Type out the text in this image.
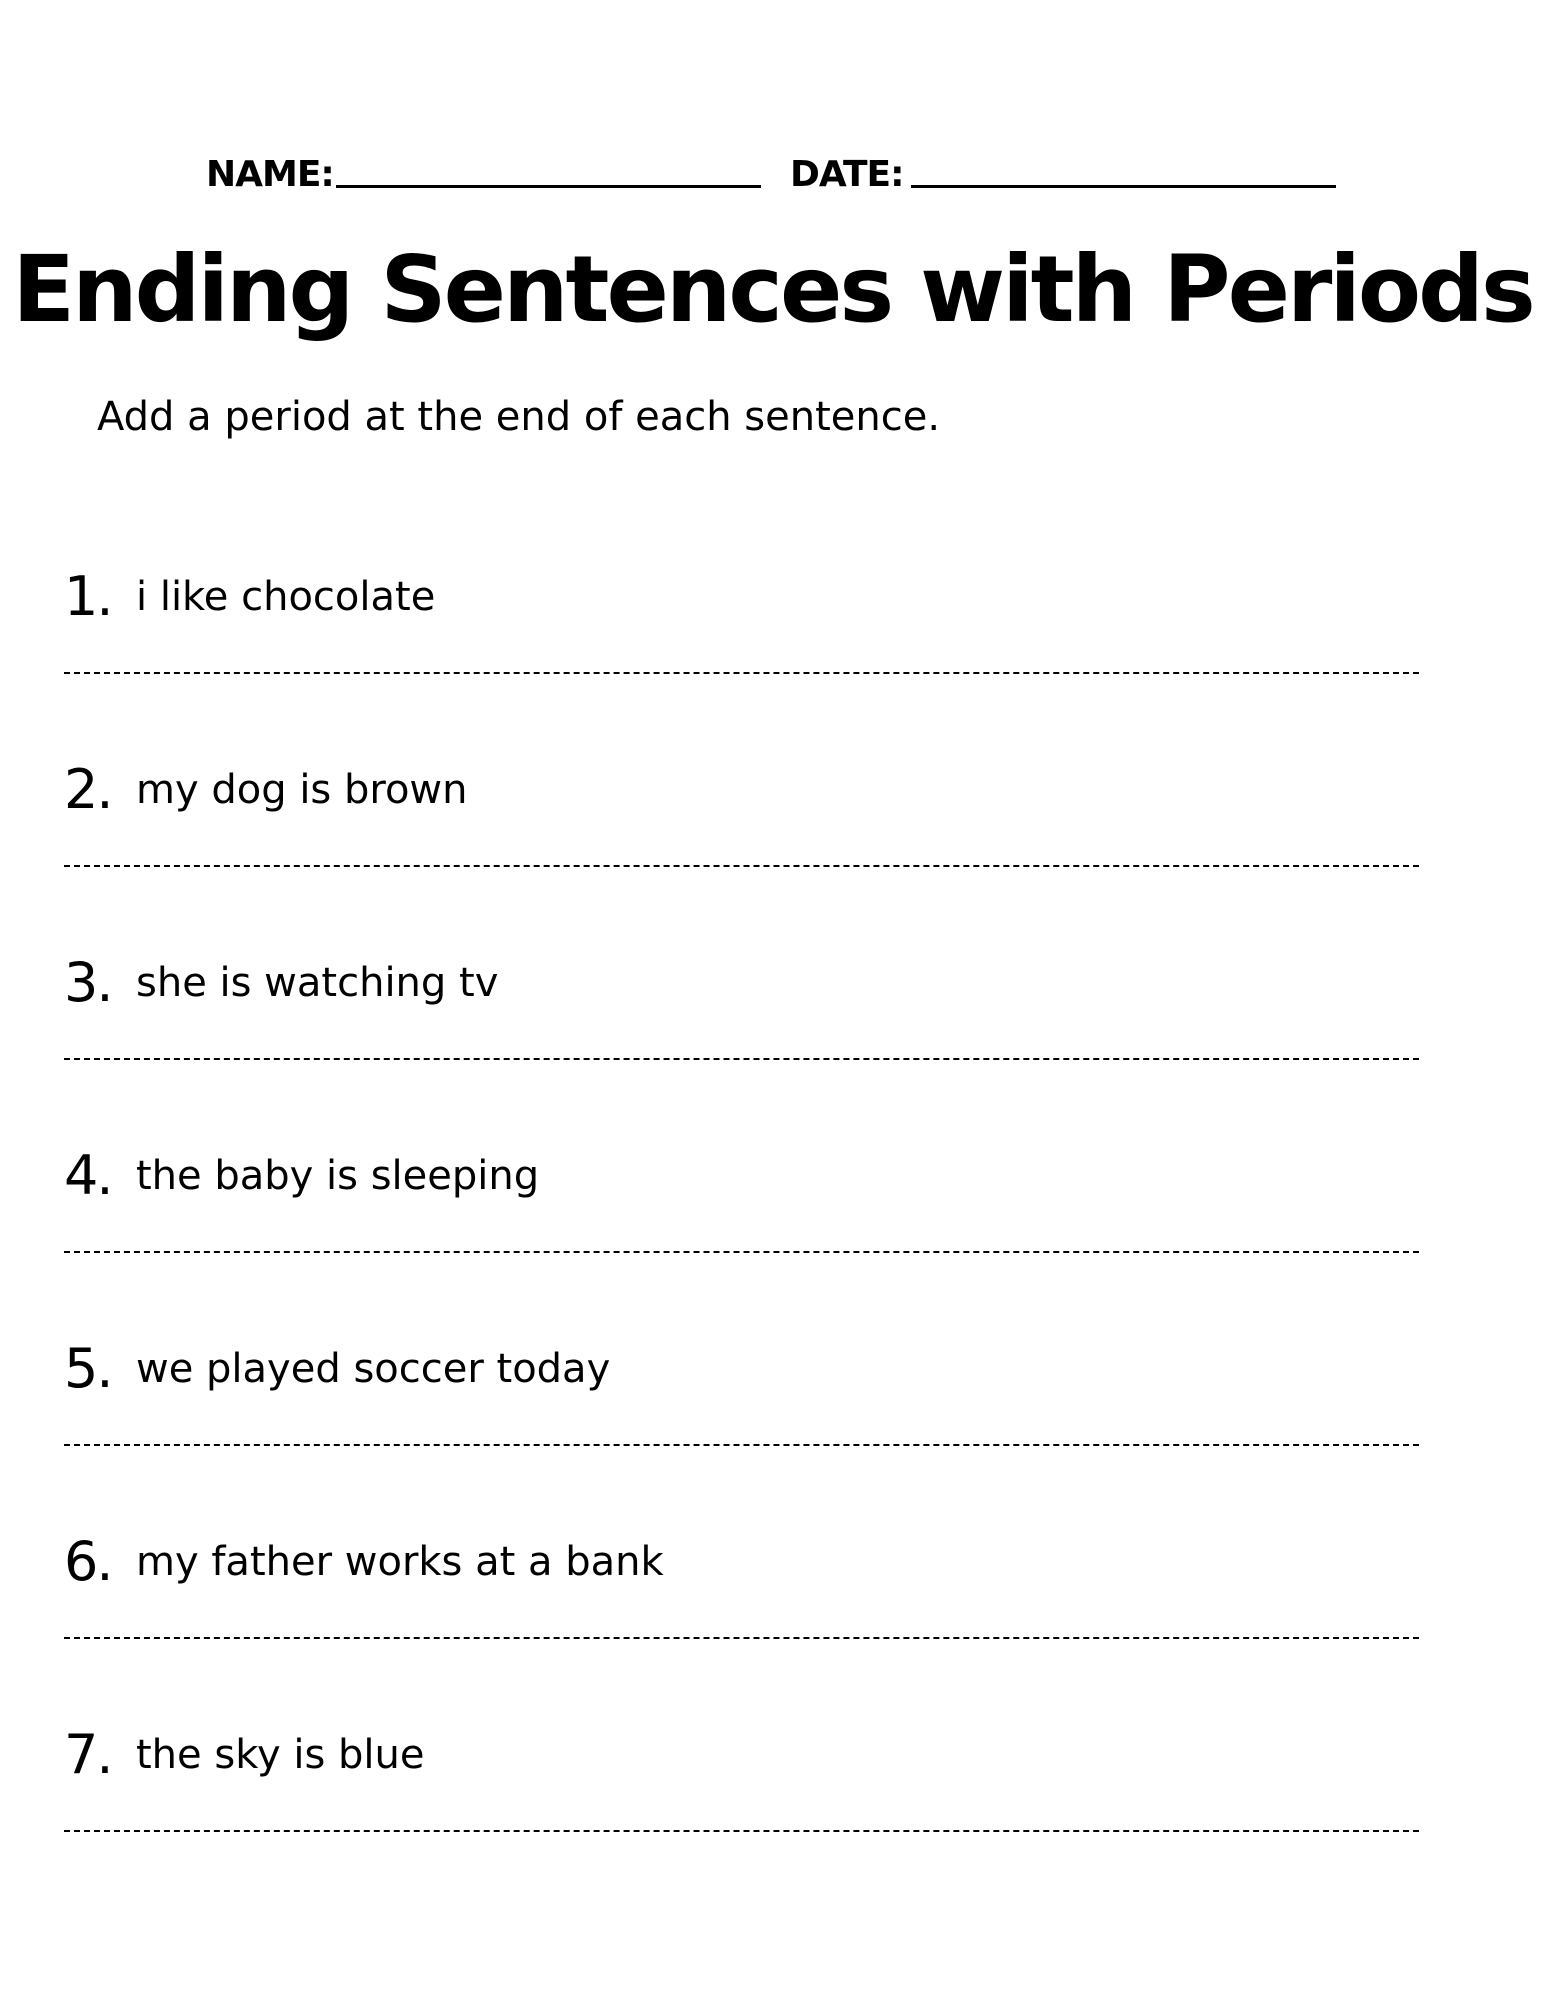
NAME:	DATE:
Ending Sentences with Periods
Add a period at the end of each sentence.
1. i like chocolate
2. my dog is brown
3. she is watching tv
4. the baby is sleeping
5. we played soccer today
6. my father works at a bank
7. the sky is blue
